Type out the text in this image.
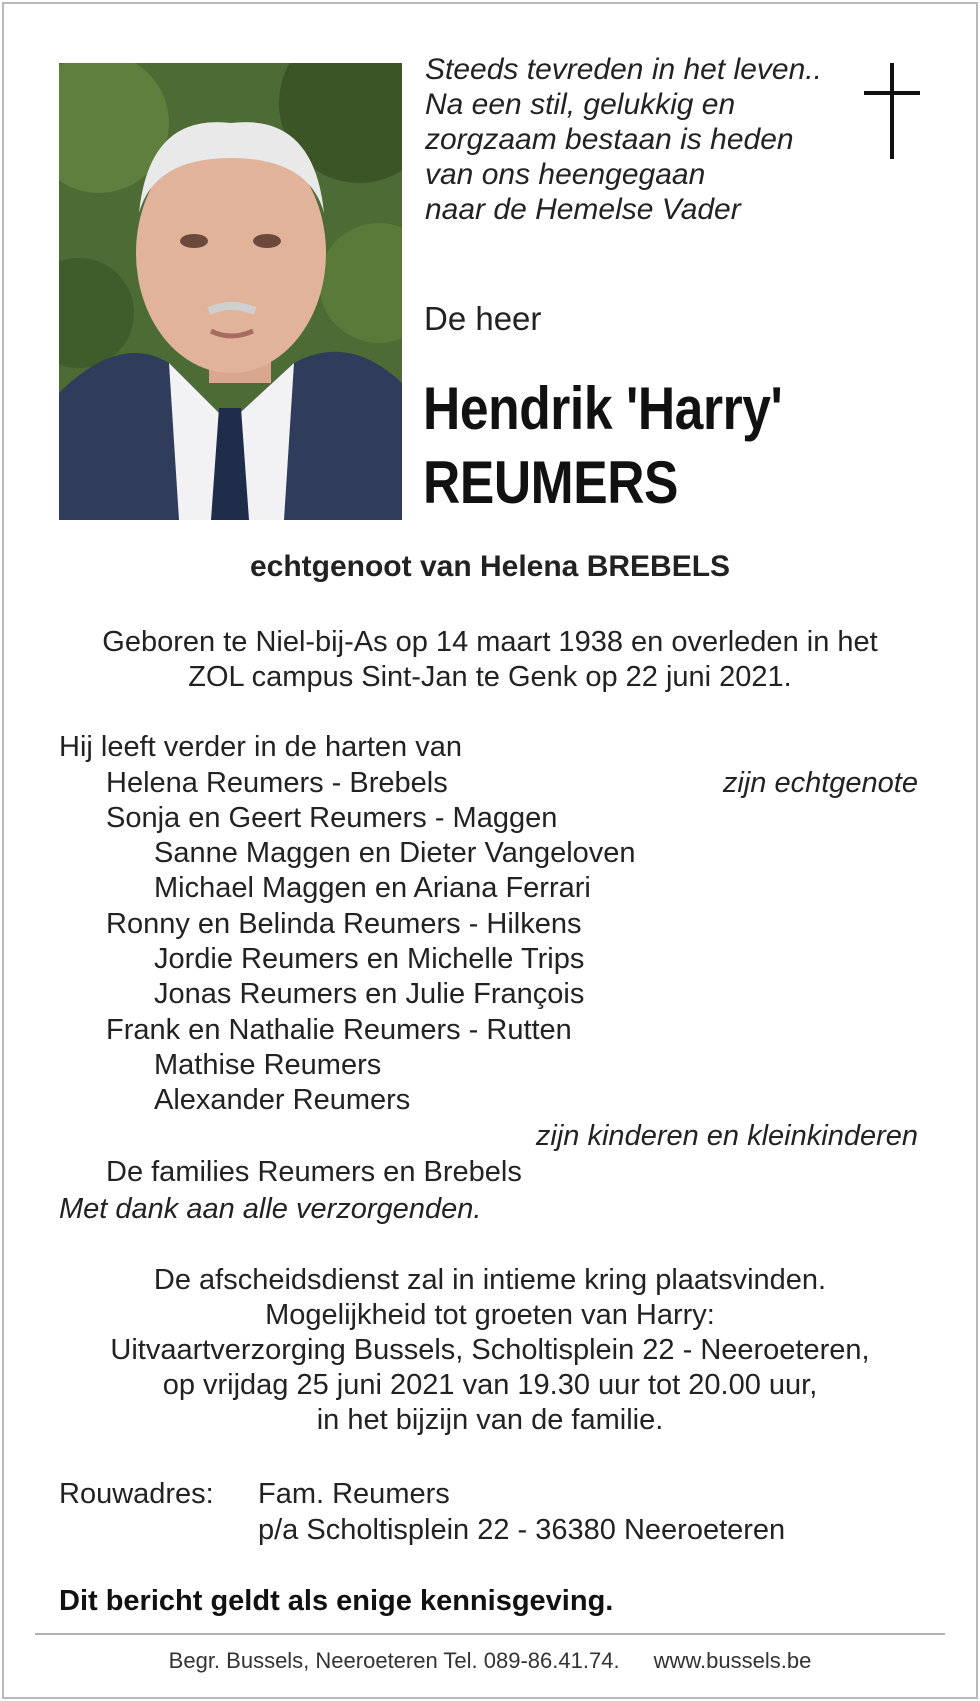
Steeds tevreden in het leven..
Na een stil, gelukkig en
zorgzaam bestaan is heden
van ons heengegaan
naar de Hemelse Vader
De heer
Hendrik 'Harry'
REUMERS
echtgenoot van Helena BREBELS
Geboren te Niel-bij-As op 14 maart 1938 en overleden in het
ZOL campus Sint-Jan te Genk op 22 juni 2021.
Hij leeft verder in de harten van
Helena Reumers - Brebels	zijn echtgenote
Sonja en Geert Reumers - Maggen
Sanne Maggen en Dieter Vangeloven
Michael Maggen en Ariana Ferrari
Ronny en Belinda Reumers - Hilkens
Jordie Reumers en Michelle Trips
Jonas Reumers en Julie François
Frank en Nathalie Reumers - Rutten
Mathise Reumers
Alexander Reumers
zijn kinderen en kleinkinderen
De families Reumers en Brebels
Met dank aan alle verzorgenden.
De afscheidsdienst zal in intieme kring plaatsvinden.
Mogelijkheid tot groeten van Harry:
Uitvaartverzorging Bussels, Scholtisplein 22 - Neeroeteren,
op vrijdag 25 juni 2021 van 19.30 uur tot 20.00 uur,
in het bijzijn van de familie.
Rouwadres: Fam. Reumers
p/a Scholtisplein 22 - 36380 Neeroeteren
Dit bericht geldt als enige kennisgeving.
Begr. Bussels, Neeroeteren Tel. 089-86.41.74. www.bussels.be
